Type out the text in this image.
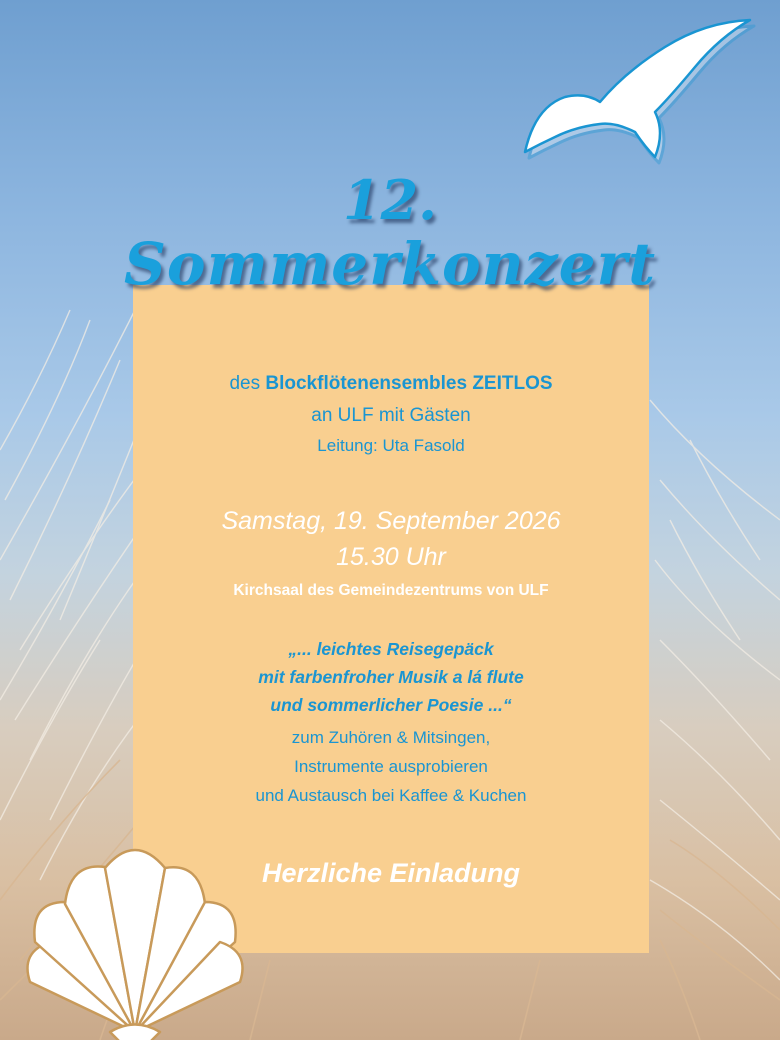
12.
des Blockflötenensembles ZEITLOS
an ULF mit Gästen
Leitung: Uta Fasold
Samstag, 19. September 2026
15.30 Uhr
Kirchsaal des Gemeindezentrums von ULF
„... leichtes Reisegepäck
mit farbenfroher Musik a lá flute
und sommerlicher Poesie ...“
zum Zuhören & Mitsingen,
Instrumente ausprobieren
und Austausch bei Kaffee & Kuchen
Herzliche Einladung
Sommerkonzert
